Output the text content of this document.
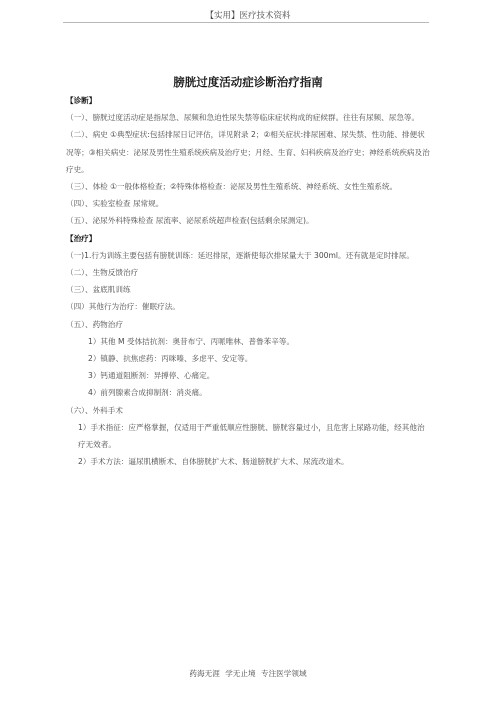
【实用】医疗技术资料
膀胱过度活动症诊断治疗指南

【诊断】

（一）、膀胱过度活动症是指尿急、尿频和急迫性尿失禁等临床症状构成的症候群。往往有尿频、尿急等。

（二）、病史 ①典型症状:包括排尿日记评估，详见附录 2；②相关症状:排尿困难、尿失禁、性功能、排便状况等；③相关病史：泌尿及男性生殖系统疾病及治疗史；月经、生育、妇科疾病及治疗史；神经系统疾病及治疗史。

（三）、体检 ①一般体格检查；②特殊体格检查：泌尿及男性生殖系统、神经系统、女性生殖系统。

（四）、实验室检查 尿常规。

（五）、泌尿外科特殊检查 尿流率、泌尿系统超声检查(包括剩余尿测定)。

【治疗】

（一)1.行为训练主要包括有膀胱训练：延迟排尿，逐渐使每次排尿量大于 300ml。还有就是定时排尿。

（二）、生物反馈治疗

（三）、盆底肌训练

（四）其他行为治疗：催眠疗法。

（五）、药物治疗

1）其他 M 受体拮抗剂：奥昔布宁、丙哌唯林、普鲁苯辛等。

2）镇静、抗焦虑药：丙咪嗪、多虑平、安定等。

3）钙通道阻断剂：异搏停、心痛定。

4）前列腺素合成抑制剂：消炎痛。

（六）、外科手术

1）手术指征：应严格掌握，仅适用于严重低顺应性膀胱、膀胱容量过小，且危害上尿路功能，经其他治疗无效者。

2）手术方法：逼尿肌横断术、自体膀胱扩大术、肠道膀胱扩大术、尿流改道术。

药海无涯 学无止境 专注医学领域
